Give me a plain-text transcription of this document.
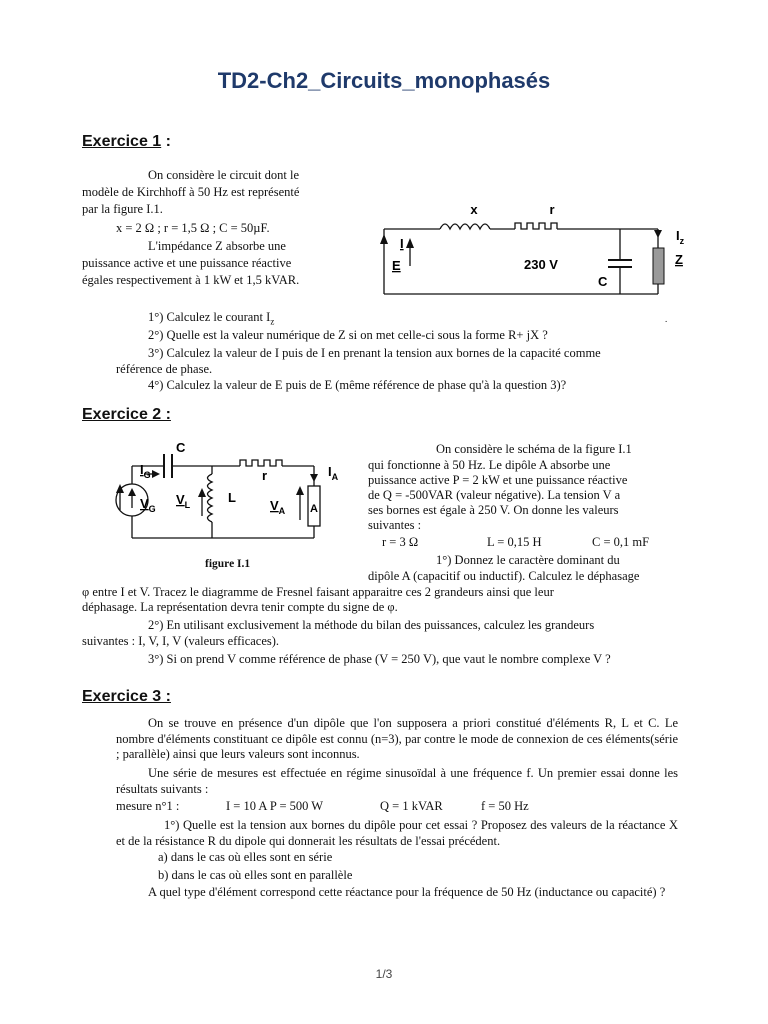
TD2-Ch2_Circuits_monophasés
Exercice 1 :
On considère le circuit dont le
modèle de Kirchhoff à 50 Hz est représenté
par la figure I.1.
x = 2 Ω ; r = 1,5 Ω ; C = 50µF.
L'impédance Z absorbe une
puissance active et une puissance réactive
égales respectivement à 1 kW et 1,5 kVAR.
x	r
I
E	230 V
C
$I_z$
Z
.
1°) Calculez le courant $I_z$
2°) Quelle est la valeur numérique de Z si on met celle-ci sous la forme R+ jX ?
3°) Calculez la valeur de I puis de I en prenant la tension aux bornes de la capacité comme
référence de phase.
4°) Calculez la valeur de E puis de E (même référence de phase qu'à la question 3)?
Exercice 2 :
C
$I_G$
$V_G$
$V_L$	L
r	$I_A$
$V_A$ A
figure I.1
On considère le schéma de la figure I.1
qui fonctionne à 50 Hz. Le dipôle A absorbe une
puissance active P = 2 kW et une puissance réactive
de Q = -500VAR (valeur négative). La tension V a
ses bornes est égale à 250 V. On donne les valeurs
suivantes :
r = 3 Ω	L = 0,15 H	C = 0,1 mF
1°) Donnez le caractère dominant du
dipôle A (capacitif ou inductif). Calculez le déphasage
φ entre I et V. Tracez le diagramme de Fresnel faisant apparaitre ces 2 grandeurs ainsi que leur
déphasage. La représentation devra tenir compte du signe de φ.
2°) En utilisant exclusivement la méthode du bilan des puissances, calculez les grandeurs
suivantes : I, V, I, V (valeurs efficaces).
3°) Si on prend V comme référence de phase (V = 250 V), que vaut le nombre complexe V ?
Exercice 3 :
On se trouve en présence d'un dipôle que l'on supposera a priori constitué d'éléments R, L et C. Le nombre d'éléments constituant ce dipôle est connu (n=3), par contre le mode de connexion de ces éléments(série ; parallèle) ainsi que leurs valeurs sont inconnus.
Une série de mesures est effectuée en régime sinusoïdal à une fréquence f. Un premier essai donne les résultats suivants :
mesure n°1 :	I = 10 A P = 500 W	Q = 1 kVAR	f = 50 Hz
1°) Quelle est la tension aux bornes du dipôle pour cet essai ? Proposez des valeurs de la réactance X et de la résistance R du dipole qui donnerait les résultats de l'essai précédent.
a) dans le cas où elles sont en série
b) dans le cas où elles sont en parallèle
A quel type d'élément correspond cette réactance pour la fréquence de 50 Hz (inductance ou capacité) ?
1/3
